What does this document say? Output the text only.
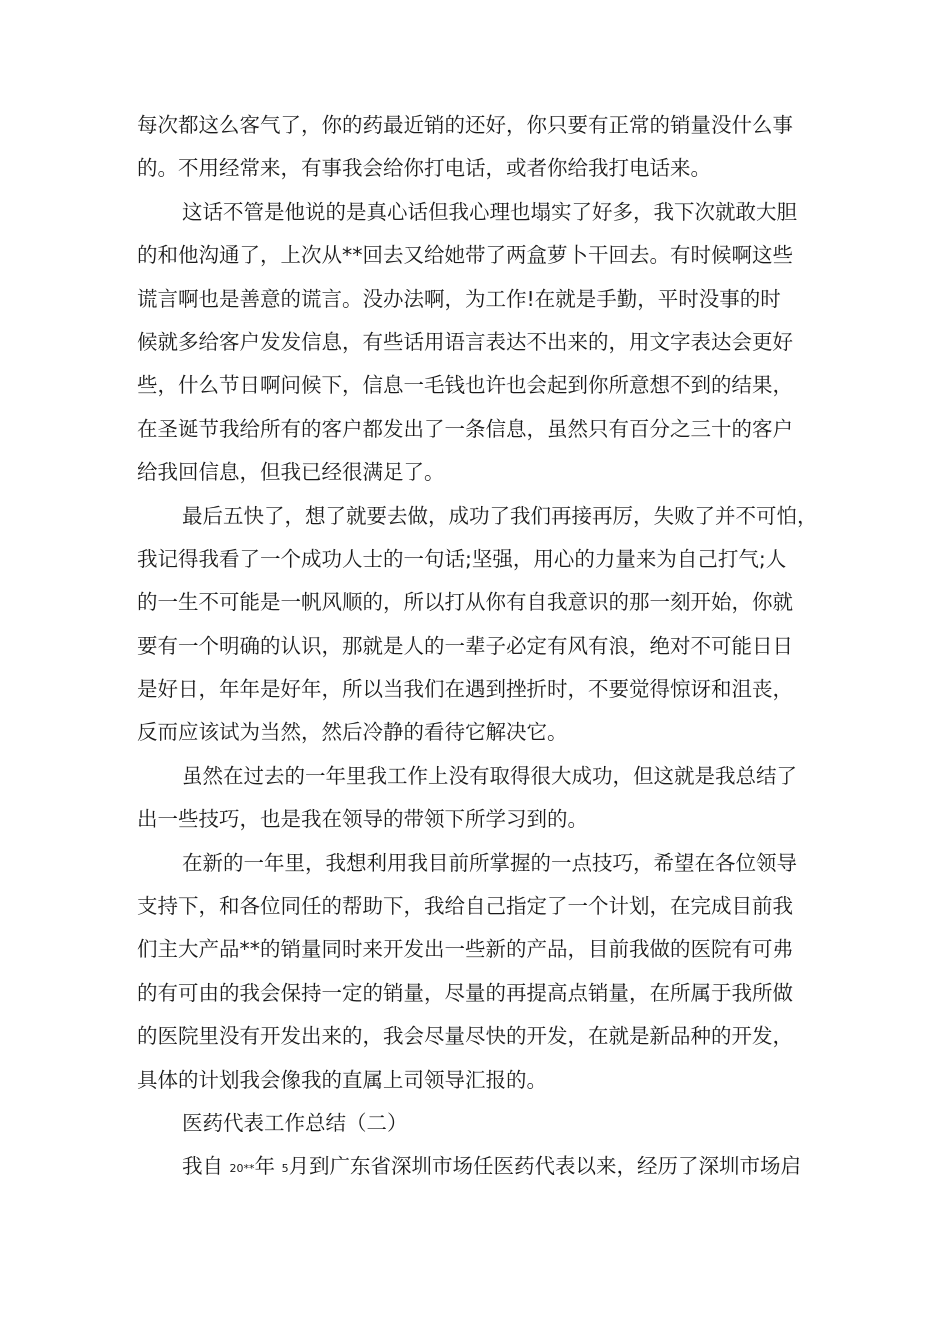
每次都这么客气了，你的药最近销的还好，你只要有正常的销量没什么事
的。不用经常来，有事我会给你打电话，或者你给我打电话来。
这话不管是他说的是真心话但我心理也塌实了好多，我下次就敢大胆
的和他沟通了，上次从**回去又给她带了两盒萝卜干回去。有时候啊这些
谎言啊也是善意的谎言。没办法啊，为工作!在就是手勤，平时没事的时
候就多给客户发发信息，有些话用语言表达不出来的，用文字表达会更好
些，什么节日啊问候下，信息一毛钱也许也会起到你所意想不到的结果，
在圣诞节我给所有的客户都发出了一条信息，虽然只有百分之三十的客户
给我回信息，但我已经很满足了。
最后五快了，想了就要去做，成功了我们再接再厉，失败了并不可怕，
我记得我看了一个成功人士的一句话;坚强，用心的力量来为自己打气;人
的一生不可能是一帆风顺的，所以打从你有自我意识的那一刻开始，你就
要有一个明确的认识，那就是人的一辈子必定有风有浪，绝对不可能日日
是好日，年年是好年，所以当我们在遇到挫折时，不要觉得惊讶和沮丧，
反而应该试为当然，然后冷静的看待它解决它。
虽然在过去的一年里我工作上没有取得很大成功，但这就是我总结了
出一些技巧，也是我在领导的带领下所学习到的。
在新的一年里，我想利用我目前所掌握的一点技巧，希望在各位领导
支持下，和各位同任的帮助下，我给自己指定了一个计划，在完成目前我
们主大产品**的销量同时来开发出一些新的产品，目前我做的医院有可弗
的有可由的我会保持一定的销量，尽量的再提高点销量，在所属于我所做
的医院里没有开发出来的，我会尽量尽快的开发，在就是新品种的开发，
具体的计划我会像我的直属上司领导汇报的。
医药代表工作总结（二）
我自 20**年 5月到广东省深圳市场任医药代表以来，经历了深圳市场启
